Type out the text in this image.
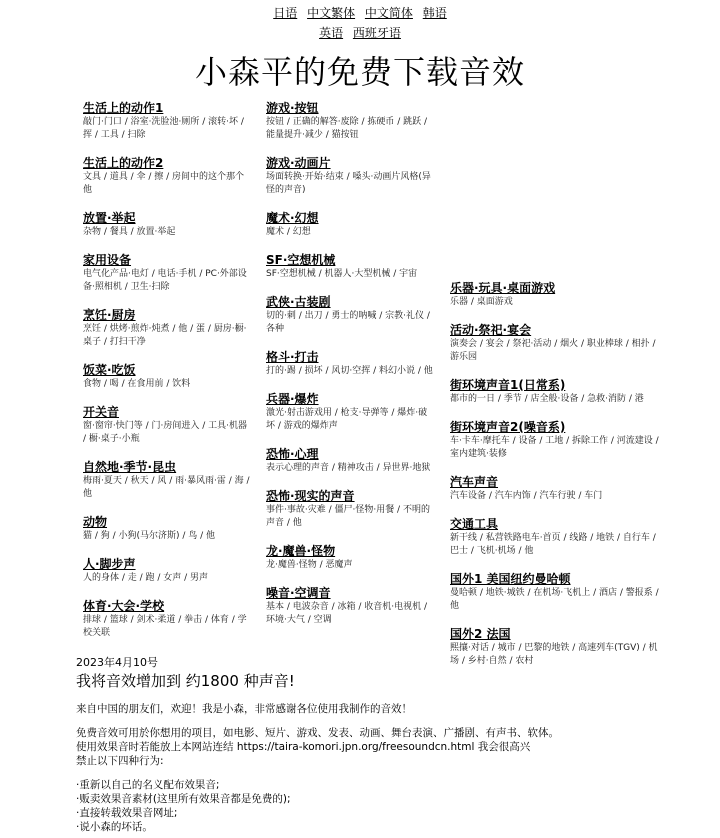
日语 中文繁体 中文简体 韩语
英语 西班牙语
小森平的免费下载音效
生活上的动作1
敲门·门口 / 浴室·洗脸池·厕所 / 滚转·坏 / 挥 / 工具 / 扫除
生活上的动作2
文具 / 道具 / 伞 / 擦 / 房间中的这个那个他
放置·举起
杂物 / 餐具 / 放置·举起
家用设备
电气化产品·电灯 / 电话·手机 / PC·外部设备·照相机 / 卫生·扫除
烹饪·厨房
烹饪 / 烘烤·煎炸·炖煮 / 他 / 蛋 / 厨房·橱·桌子 / 打扫干净
饭菜·吃饭
食物 / 喝 / 在食用前 / 饮料
开关音
窗·窗帘·快门等 / 门·房间进入 / 工具·机器 / 橱·桌子·小瓶
自然地·季节·昆虫
梅雨·夏天 / 秋天 / 风 / 雨·暴风雨·雷 / 海 / 他
动物
猫 / 狗 / 小狗(马尔济斯) / 鸟 / 他
人·脚步声
人的身体 / 走 / 跑 / 女声 / 男声
体育·大会·学校
排球 / 篮球 / 剑术·柔道 / 拳击 / 体育 / 学校关联
游戏·按钮
按钮 / 正确的解答·废除 / 拣硬币 / 跳跃 / 能量提升·减少 / 猫按钮
游戏·动画片
场面转换·开始·结束 / 嗓头·动画片风格(异怪的声音)
魔术·幻想
魔术 / 幻想
SF·空想机械
SF·空想机械 / 机器人·大型机械 / 宇宙
武侠·古装剧
切的·刺 / 出刀 / 勇士的呐喊 / 宗教·礼仪 / 各种
格斗·打击
打的·踢 / 损坏 / 风切·空挥 / 料幻小说 / 他
兵器·爆炸
激光·射击游戏用 / 枪支·导弹等 / 爆炸·破坏 / 游戏的爆炸声
恐怖·心理
表示心理的声音 / 精神攻击 / 异世界·地狱
恐怖·现实的声音
事件·事故·灾难 / 僵尸·怪物·用餐 / 不明的声音 / 他
龙·魔兽·怪物
龙·魔兽·怪物 / 恶魔声
噪音·空调音
基本 / 电波杂音 / 冰箱 / 收音机·电视机 / 环境·大气 / 空调
乐器·玩具·桌面游戏
乐器 / 桌面游戏
活动·祭祀·宴会
演奏会 / 宴会 / 祭祀·活动 / 烟火 / 职业棒球 / 相扑 / 游乐园
街环境声音1(日常系)
都市的一日 / 季节 / 店全般·设备 / 急救·消防 / 港
街环境声音2(噪音系)
车·卡车·摩托车 / 设备 / 工地 / 拆除工作 / 河流建设 / 室内建筑·装修
汽车声音
汽车设备 / 汽车内饰 / 汽车行驶 / 车门
交通工具
新干线 / 私营铁路电车·首页 / 线路 / 地铁 / 自行车 / 巴士 / 飞机·机场 / 他
国外1 美国纽约曼哈顿
曼哈顿 / 地铁·城铁 / 在机场·飞机上 / 酒店 / 警报系 / 他
国外2 法国
熙攘·对话 / 城市 / 巴黎的地铁 / 高速列车(TGV) / 机场 / 乡村·自然 / 农村
2023年4月10号
我将音效增加到 约1800 种声音!

来自中国的朋友们，欢迎！我是小森，非常感谢各位使用我制作的音效！

免费音效可用於你想用的项目，如电影、短片、游戏、发表、动画、舞台表演、广播剧、有声书、软体。
使用效果音时若能放上本网站连结 https://taira-komori.jpn.org/freesoundcn.html 我会很高兴
禁止以下四种行为:

·重新以自己的名义配布效果音;
·贩卖效果音素材(这里所有效果音都是免费的);
·直接转载效果音网址;
·说小森的坏话。
